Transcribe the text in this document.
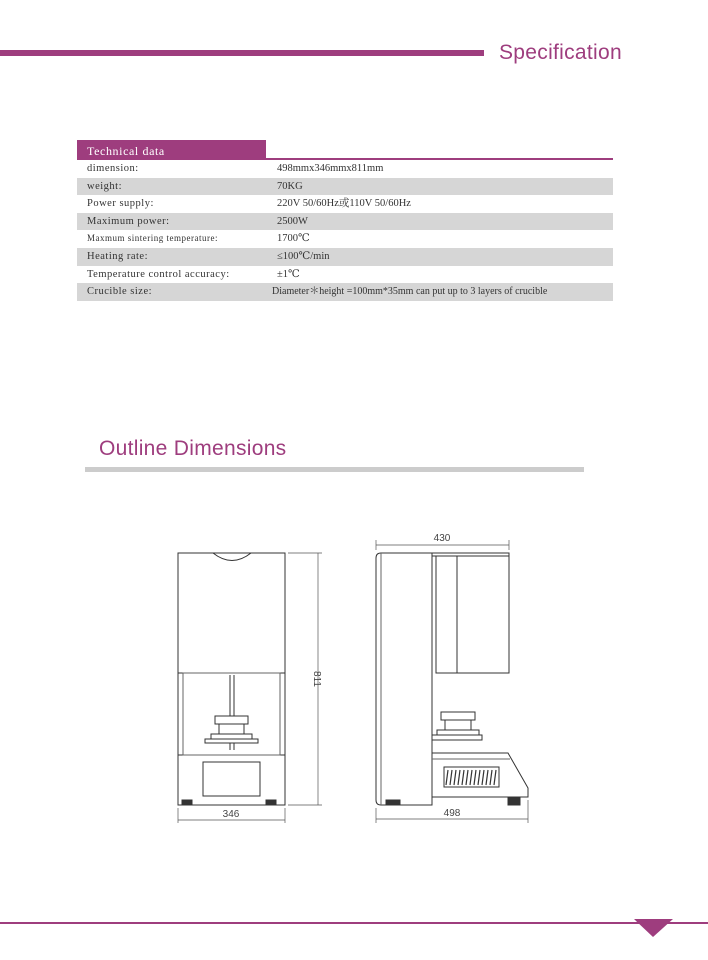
Specification
Technical data
dimension:	498mmx346mmx811mm
weight:	70KG
Power supply:	220V 50/60Hz或110V 50/60Hz
Maximum power:	2500W
Maxmum sintering temperature:	1700℃
Heating rate:	≤100℃/min
Temperature control accuracy:	±1℃
Crucible size:	Diameter＊height =100mm*35mm can put up to 3 layers of crucible
Outline Dimensions
346
811
430
498
